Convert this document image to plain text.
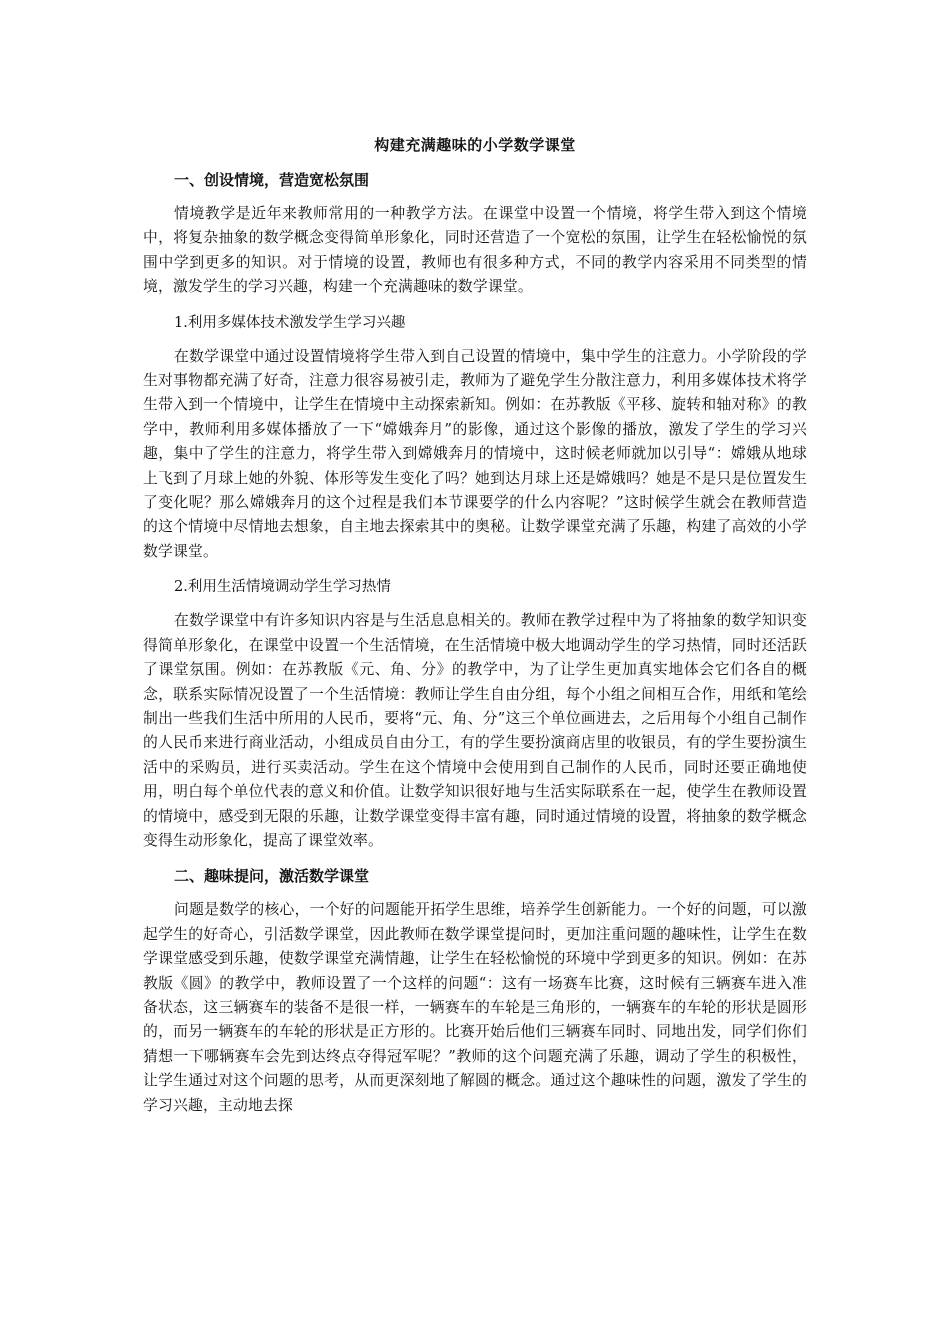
构建充满趣味的小学数学课堂
一、创设情境，营造宽松氛围

情境教学是近年来教师常用的一种教学方法。在课堂中设置一个情境，将学生带入到这个情境中，将复杂抽象的数学概念变得简单形象化，同时还营造了一个宽松的氛围，让学生在轻松愉悦的氛围中学到更多的知识。对于情境的设置，教师也有很多种方式，不同的教学内容采用不同类型的情境，激发学生的学习兴趣，构建一个充满趣味的数学课堂。

1.利用多媒体技术激发学生学习兴趣

在数学课堂中通过设置情境将学生带入到自己设置的情境中，集中学生的注意力。小学阶段的学生对事物都充满了好奇，注意力很容易被引走，教师为了避免学生分散注意力，利用多媒体技术将学生带入到一个情境中，让学生在情境中主动探索新知。例如：在苏教版《平移、旋转和轴对称》的教学中，教师利用多媒体播放了一下“嫦娥奔月”的影像，通过这个影像的播放，激发了学生的学习兴趣，集中了学生的注意力，将学生带入到嫦娥奔月的情境中，这时候老师就加以引导“：嫦娥从地球上飞到了月球上她的外貌、体形等发生变化了吗？她到达月球上还是嫦娥吗？她是不是只是位置发生了变化呢？那么嫦娥奔月的这个过程是我们本节课要学的什么内容呢？”这时候学生就会在教师营造的这个情境中尽情地去想象，自主地去探索其中的奥秘。让数学课堂充满了乐趣，构建了高效的小学数学课堂。

2.利用生活情境调动学生学习热情

在数学课堂中有许多知识内容是与生活息息相关的。教师在教学过程中为了将抽象的数学知识变得简单形象化，在课堂中设置一个生活情境，在生活情境中极大地调动学生的学习热情，同时还活跃了课堂氛围。例如：在苏教版《元、角、分》的教学中，为了让学生更加真实地体会它们各自的概念，联系实际情况设置了一个生活情境：教师让学生自由分组，每个小组之间相互合作，用纸和笔绘制出一些我们生活中所用的人民币，要将“元、角、分”这三个单位画进去，之后用每个小组自己制作的人民币来进行商业活动，小组成员自由分工，有的学生要扮演商店里的收银员，有的学生要扮演生活中的采购员，进行买卖活动。学生在这个情境中会使用到自己制作的人民币，同时还要正确地使用，明白每个单位代表的意义和价值。让数学知识很好地与生活实际联系在一起，使学生在教师设置的情境中，感受到无限的乐趣，让数学课堂变得丰富有趣，同时通过情境的设置，将抽象的数学概念变得生动形象化，提高了课堂效率。

二、趣味提问，激活数学课堂

问题是数学的核心，一个好的问题能开拓学生思维，培养学生创新能力。一个好的问题，可以激起学生的好奇心，引活数学课堂，因此教师在数学课堂提问时，更加注重问题的趣味性，让学生在数学课堂感受到乐趣，使数学课堂充满情趣，让学生在轻松愉悦的环境中学到更多的知识。例如：在苏教版《圆》的教学中，教师设置了一个这样的问题“：这有一场赛车比赛，这时候有三辆赛车进入准备状态，这三辆赛车的装备不是很一样，一辆赛车的车轮是三角形的，一辆赛车的车轮的形状是圆形的，而另一辆赛车的车轮的形状是正方形的。比赛开始后他们三辆赛车同时、同地出发，同学们你们猜想一下哪辆赛车会先到达终点夺得冠军呢？”教师的这个问题充满了乐趣，调动了学生的积极性，让学生通过对这个问题的思考，从而更深刻地了解圆的概念。通过这个趣味性的问题，激发了学生的学习兴趣，主动地去探
